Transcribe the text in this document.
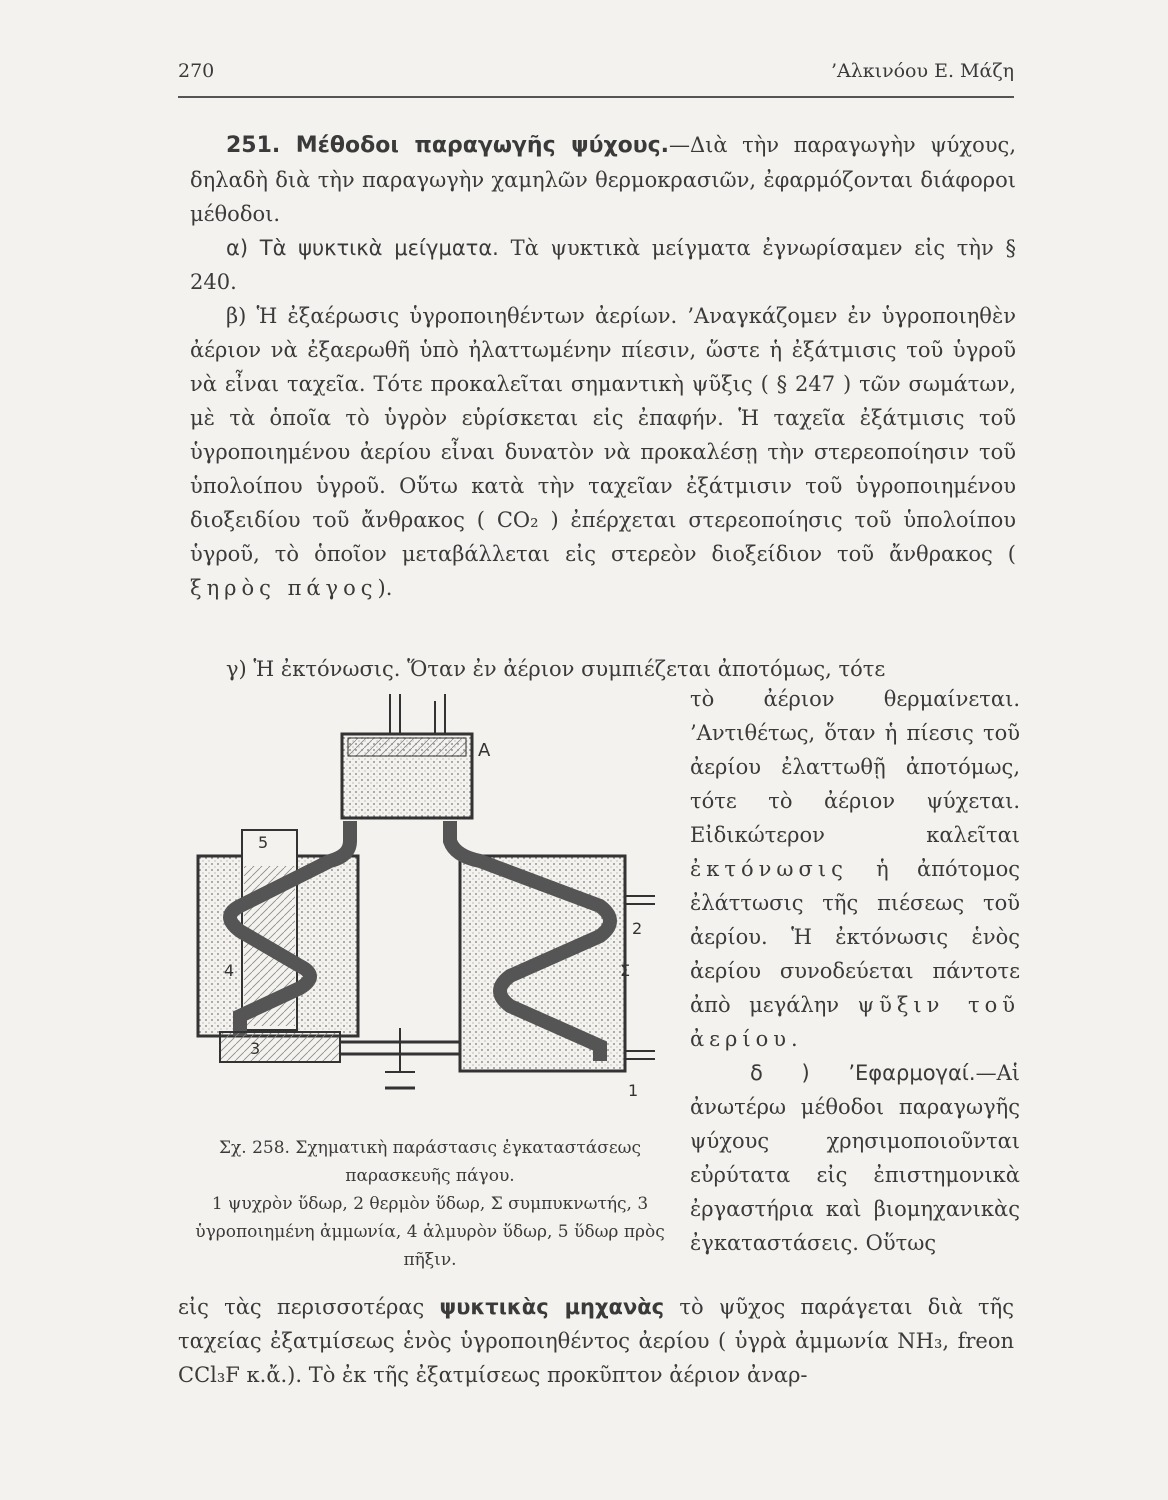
270	’Αλκινόου Ε. Μάζη

251. Μέθοδοι παραγωγῆς ψύχους.—Διὰ τὴν παραγωγὴν ψύχους, δηλαδὴ διὰ τὴν παραγωγὴν χαμηλῶν θερμοκρασιῶν, ἐφαρμόζονται διάφοροι μέθοδοι.

α) Τὰ ψυκτικὰ μείγματα. Τὰ ψυκτικὰ μείγματα ἐγνωρίσαμεν εἰς τὴν § 240.

β) Ἡ ἐξαέρωσις ὑγροποιηθέντων ἀερίων. ’Αναγκάζομεν ἐν ὑγροποιηθὲν ἀέριον νὰ ἐξαερωθῆ ὑπὸ ἠλαττωμένην πίεσιν, ὥστε ἡ ἐξάτμισις τοῦ ὑγροῦ νὰ εἶναι ταχεῖα. Τότε προκαλεῖται σημαντικὴ ψῦξις ( § 247 ) τῶν σωμάτων, μὲ τὰ ὁποῖα τὸ ὑγρὸν εὑρίσκεται εἰς ἐπαφήν. Ἡ ταχεῖα ἐξάτμισις τοῦ ὑγροποιημένου ἀερίου εἶναι δυνατὸν νὰ προκαλέσῃ τὴν στερεοποίησιν τοῦ ὑπολοίπου ὑγροῦ. Οὕτω κατὰ τὴν ταχεῖαν ἐξάτμισιν τοῦ ὑγροποιημένου διοξειδίου τοῦ ἄνθρακος ( CO₂ ) ἐπέρχεται στερεοποίησις τοῦ ὑπολοίπου ὑγροῦ, τὸ ὁποῖον μεταβάλλεται εἰς στερεὸν διοξείδιον τοῦ ἄνθρακος ( ξηρὸς πάγος).

γ) Ἡ ἐκτόνωσις. Ὅταν ἐν ἀέριον συμπιέζεται ἀποτόμως, τότε

A
5
4
3
2
Σ
1
Σχ. 258. Σχηματικὴ παράστασις ἐγκαταστάσεως παρασκευῆς πάγου.
1 ψυχρὸν ὕδωρ, 2 θερμὸν ὕδωρ, Σ συμπυκνωτής, 3 ὑγροποιημένη ἀμμωνία, 4 ἁλμυρὸν ὕδωρ, 5 ὕδωρ πρὸς πῆξιν.

τὸ ἀέριον θερμαίνεται. ’Αντιθέτως, ὅταν ἡ πίεσις τοῦ ἀερίου ἐλαττωθῇ ἀποτόμως, τότε τὸ ἀέριον ψύχεται. Εἰδικώτερον καλεῖται ἐκτόνωσις ἡ ἀπότομος ἐλάττωσις τῆς πιέσεως τοῦ ἀερίου. Ἡ ἐκτόνωσις ἑνὸς ἀερίου συνοδεύεται πάντοτε ἀπὸ μεγάλην ψῦξιν τοῦ ἀερίου.

δ ) ’Εφαρμογαί.—Αἱ ἀνωτέρω μέθοδοι παραγωγῆς ψύχους χρησιμοποιοῦνται εὐρύτατα εἰς ἐπιστημονικὰ ἐργαστήρια καὶ βιομηχανικὰς ἐγκαταστάσεις. Οὕτως

εἰς τὰς περισσοτέρας ψυκτικὰς μηχανὰς τὸ ψῦχος παράγεται διὰ τῆς ταχείας ἐξατμίσεως ἑνὸς ὑγροποιηθέντος ἀερίου ( ὑγρὰ ἀμμωνία NH₃, freon CCl₃F κ.ἄ.). Τὸ ἐκ τῆς ἐξατμίσεως προκῦπτον ἀέριον ἀναρ-
